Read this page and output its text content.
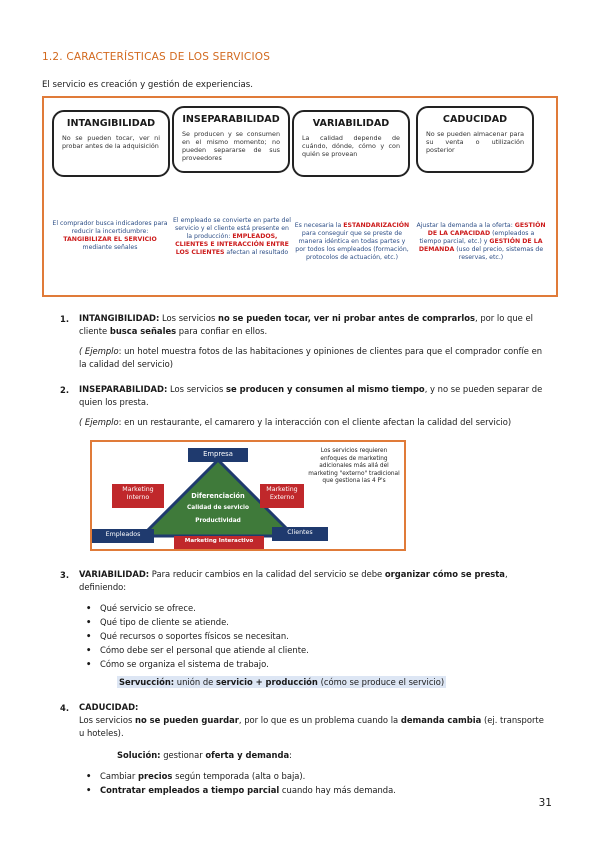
1.2. CARACTERÍSTICAS DE LOS SERVICIOS
El servicio es creación y gestión de experiencias.
INTANGIBILIDAD
No se pueden tocar, ver ni probar antes de la adquisición
INSEPARABILIDAD
Se producen y se consumen en el mismo momento; no pueden separarse de sus proveedores
VARIABILIDAD
La calidad depende de cuándo, dónde, cómo y con quién se provean
CADUCIDAD
No se pueden almacenar para su venta o utilización posterior
El comprador busca indicadores para reducir la incertidumbre: TANGIBILIZAR EL SERVICIO mediante señales
El empleado se convierte en parte del servicio y el cliente está presente en la producción: EMPLEADOS, CLIENTES E INTERACCIÓN ENTRE LOS CLIENTES afectan al resultado
Es necesaria la ESTANDARIZACIÓN para conseguir que se preste de manera idéntica en todas partes y por todos los empleados (formación, protocolos de actuación, etc.)
Ajustar la demanda a la oferta: GESTIÓN DE LA CAPACIDAD (empleados a tiempo parcial, etc.) y GESTIÓN DE LA DEMANDA (uso del precio, sistemas de reservas, etc.)
1. INTANGIBILIDAD: Los servicios no se pueden tocar, ver ni probar antes de comprarlos, por lo que el cliente busca señales para confiar en ellos.
( Ejemplo: un hotel muestra fotos de las habitaciones y opiniones de clientes para que el comprador confíe en la calidad del servicio)
2. INSEPARABILIDAD: Los servicios se producen y consumen al mismo tiempo, y no se pueden separar de quien los presta.
( Ejemplo: en un restaurante, el camarero y la interacción con el cliente afectan la calidad del servicio)
Empresa
Marketing Interno
Marketing Externo
Diferenciación
Calidad de servicio
Productividad
Empleados	Clientes
Marketing Interactivo
Los servicios requieren enfoques de marketing adicionales más allá del marketing "externo" tradicional que gestiona las 4 P's
3. VARIABILIDAD: Para reducir cambios en la calidad del servicio se debe organizar cómo se presta, definiendo:
• Qué servicio se ofrece.
• Qué tipo de cliente se atiende.
• Qué recursos o soportes físicos se necesitan.
• Cómo debe ser el personal que atiende al cliente.
• Cómo se organiza el sistema de trabajo.
Servucción: unión de servicio + producción (cómo se produce el servicio)
4. CADUCIDAD:
Los servicios no se pueden guardar, por lo que es un problema cuando la demanda cambia (ej. transporte u hoteles).
Solución: gestionar oferta y demanda:
• Cambiar precios según temporada (alta o baja).
• Contratar empleados a tiempo parcial cuando hay más demanda.
31
